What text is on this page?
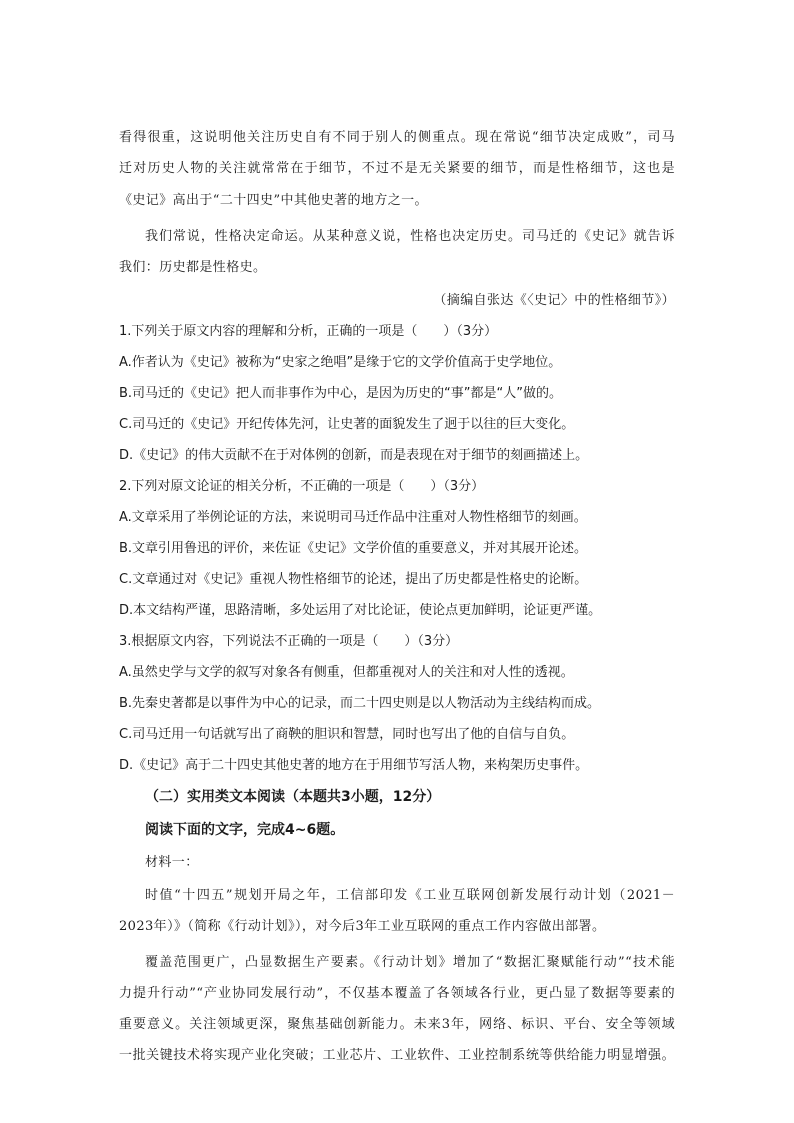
看得很重，这说明他关注历史自有不同于别人的侧重点。现在常说“细节决定成败”，司马
迁对历史人物的关注就常常在于细节，不过不是无关紧要的细节，而是性格细节，这也是
《史记》高出于“二十四史”中其他史著的地方之一。
我们常说，性格决定命运。从某种意义说，性格也决定历史。司马迁的《史记》就告诉
我们：历史都是性格史。
（摘编自张达《〈史记〉中的性格细节》）
1.下列关于原文内容的理解和分析，正确的一项是（　　）（3分）
A.作者认为《史记》被称为“史家之绝唱”是缘于它的文学价值高于史学地位。
B.司马迁的《史记》把人而非事作为中心，是因为历史的“事”都是“人”做的。
C.司马迁的《史记》开纪传体先河，让史著的面貌发生了迥于以往的巨大变化。
D.《史记》的伟大贡献不在于对体例的创新，而是表现在对于细节的刻画描述上。
2.下列对原文论证的相关分析，不正确的一项是（　　）（3分）
A.文章采用了举例论证的方法，来说明司马迁作品中注重对人物性格细节的刻画。
B.文章引用鲁迅的评价，来佐证《史记》文学价值的重要意义，并对其展开论述。
C.文章通过对《史记》重视人物性格细节的论述，提出了历史都是性格史的论断。
D.本文结构严谨，思路清晰，多处运用了对比论证，使论点更加鲜明，论证更严谨。
3.根据原文内容，下列说法不正确的一项是（　　）（3分）
A.虽然史学与文学的叙写对象各有侧重，但都重视对人的关注和对人性的透视。
B.先秦史著都是以事件为中心的记录，而二十四史则是以人物活动为主线结构而成。
C.司马迁用一句话就写出了商鞅的胆识和智慧，同时也写出了他的自信与自负。
D.《史记》高于二十四史其他史著的地方在于用细节写活人物，来构架历史事件。
（二）实用类文本阅读（本题共3小题，12分）
阅读下面的文字，完成4~6题。
材料一：
时值“十四五”规划开局之年，工信部印发《工业互联网创新发展行动计划（2021－
2023年）》（简称《行动计划》），对今后3年工业互联网的重点工作内容做出部署。
覆盖范围更广，凸显数据生产要素。《行动计划》增加了“数据汇聚赋能行动”“技术能
力提升行动”“产业协同发展行动”，不仅基本覆盖了各领域各行业，更凸显了数据等要素的
重要意义。关注领域更深，聚焦基础创新能力。未来3年，网络、标识、平台、安全等领域
一批关键技术将实现产业化突破；工业芯片、工业软件、工业控制系统等供给能力明显增强。
